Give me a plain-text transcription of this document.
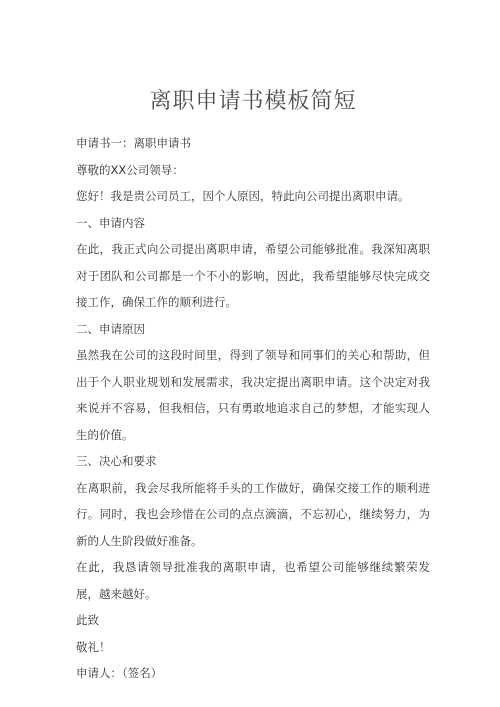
离职申请书模板简短

申请书一：离职申请书

尊敬的XX公司领导：

您好！我是贵公司员工，因个人原因，特此向公司提出离职申请。

一、申请内容

在此，我正式向公司提出离职申请，希望公司能够批准。我深知离职对于团队和公司都是一个不小的影响，因此，我希望能够尽快完成交接工作，确保工作的顺利进行。

二、申请原因

虽然我在公司的这段时间里，得到了领导和同事们的关心和帮助，但出于个人职业规划和发展需求，我决定提出离职申请。这个决定对我来说并不容易，但我相信，只有勇敢地追求自己的梦想，才能实现人生的价值。

三、决心和要求

在离职前，我会尽我所能将手头的工作做好，确保交接工作的顺利进行。同时，我也会珍惜在公司的点点滴滴，不忘初心，继续努力，为新的人生阶段做好准备。

在此，我恳请领导批准我的离职申请，也希望公司能够继续繁荣发展，越来越好。

此致

敬礼！

申请人：（签名）
